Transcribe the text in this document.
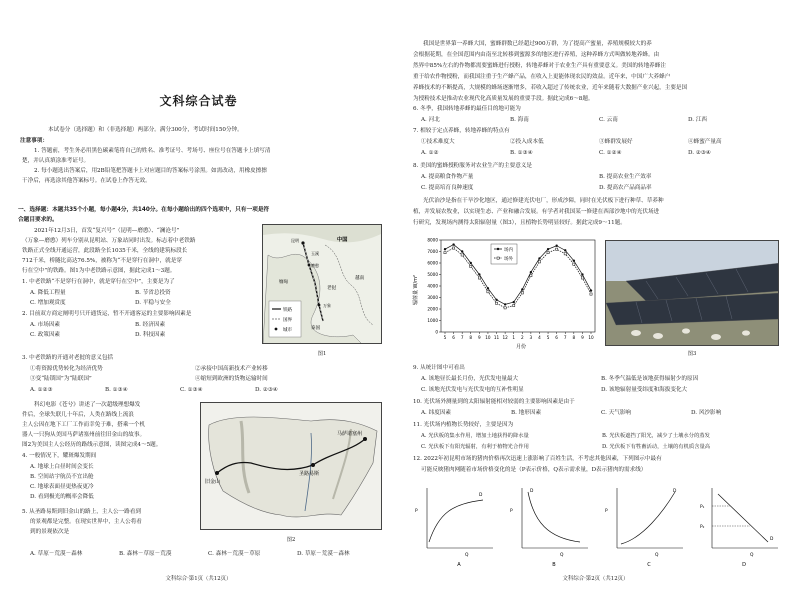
文科综合试卷
本试卷分（选择题）和（非选择题）两部分。满分300分，考试时间150分钟。
注意事项：
1. 答题前，考生务必用黑色碳素笔将自己的姓名、准考证号、考场号、座位号在答题卡上填写清
楚，并认真填涂准考证号。
2. 每小题选出答案后，用2B铅笔把答题卡上对应题目的答案标号涂黑。如需改动，用橡皮擦擦
干净后，再选涂其他答案标号。在试卷上作答无效。
一、选择题：本题共35个小题，每小题4分，共140分。在每小题给出的四个选项中，只有一项是符
合题目要求的。
2021年12月3日，首发“复兴号”（昆明—磨憨）、“澜沧号”
（万象—磨憨）列车分别从昆明站、万象站同时出发。标志着中老铁路
铁路正式全线开通运营，此段路全长1035千米，全线的建筑标段长
712千米，桥隧比高达76.5%，被称为“不是穿行在洞中，就是穿
行在空中”的铁路。图1为中老铁路示意图，据此完成1～3题。
铁路
国界
城市
中国
昆明
玉溪
磨憨
万象
老挝
越南
泰国
缅甸
图1
1. 中老铁路“不是穿行在洞中，就是穿行在空中”，主要是为了
A. 降低工程量	B. 节省总投资
C. 增加观赏度	D. 平稳与安全
2. 目前双方商定阐明号只开通货运，暂不开通客运的主要影响因素是
A. 市场因素	B. 经济因素
C. 政策因素	D. 科技因素
3. 中老铁路的开通对老挝的意义包括
①将资源优势转化为经济优势	②承接中国高新技术产业转移
③变“陆锁国”为“陆联国”	④缩短到欧洲的货物运输时间
A. ①②③	B. ①③④	C. ①③④	D. ②③④
科幻电影《苍兮》讲述了一次超级理想爆发
件后，全球失联几十年后，人类在路线上流浪
主人公因在地下工厂工作而幸免于难，搭乘一个机
器人一只狗从美国马萨诸塞州前往旧金山的故事。
图2为美国主人公经历的路线示意图，读图完成4～5题。
旧金山
圣路易斯
马萨诸塞州
图2
4. 一般情况下，耀斑爆发期间
A. 地球上白昼时间会变长
B. 空间站宇航员不宜出舱
C. 地球表面昼更热夜更冷
D. 看到极光的概率会降低
5. 从圣路易斯到旧金山的路上，主人公一路看到
的景观都是完整。在现实世界中，主人公将看
到的景观依次是
A. 草原－荒漠－森林	B. 森林－草原－荒漠	C. 森林－荒漠－草原	D. 草原－荒漠－森林
文科综合·第1页（共12页）
我国是世界第一养蜂大国，蜜蜂群数已经超过900万群，为了提高产蜜量，养殖规模较大的养
会根据花期，在全国范围内由南至北转移到蜜源多的地区进行养殖，这种养蜂方式叫做转地养蜂。由
然界中85%左右的作物都需要蜜蜂进行授粉，转地养蜂对于农业生产具有重要意义。美国的转地养蜂注
重于给农作物授粉，而我国注重于生产蜂产品，在收入上更能体现农民的效益。近年来，中国广大养蜂户
养蜂技术的不断提高，大规模的蜂场逐渐增多，若收入超过了传统农业，近年来随着大数据产业兴起，主要是国
为授粉技术是推动农业现代化高质量发展的重要手段。据此完成6～8题。
6. 冬季，我国转地养蜂的最佳目的地可能为
A. 河北	B. 海南	C. 云南	D. 江西
7. 相较于定点养蜂，转地养蜂的特点有
①技术难度大	②投入成本低	③蜂群发展好	④蜂蜜产量高
A. ①②	B. ①③④	C. ①②④	D. ②③④
8. 美国的蜜蜂授粉服务对农业生产的主要意义是
A. 提高粮食作物产量	B. 提高农业生产效率
C. 提高培育良种速度	D. 提高农产品商品率
光伏治沙是指在干旱沙化地区，通过修建光伏电厂，形成沙障，同时在光伏板下进行种草、草养种
植，并发展农牧业，以实现生态、产业和融合发展。有学者对我国某一修建在西部沙地中的光伏场进
行研究，发现场内测得太阳辐射量（图3），且植物长势明显较好。据此完成9～11题。
辐射量 W/m²
月份
0
1000
2000
3000
4000
5000
6000
7000
8000
5 6 7 8 9 10 11 12 1 2 3 4 5 6 7 8 9 10
场内
场外
图3
9. 从统计图中可看出
A. 该地昼长最长月份，光伏发电量最大	B. 冬季气温低是该地获得辐射少的原因
C. 该地光伏发电与光伏发电的互补性明显	D. 该地辐射量受纬度和海拔变化大
10. 光伏场外测量到的太阳辐射能相对较弱的主要影响因素是由于
A. 纬度因素	B. 地形因素	C. 天气影响	D. 风沙影响
11. 光伏场内植物长势较好，主要是因为
A. 光伏板的集水作用，增加土地获得的降水量	B. 光伏板遮挡了阳光，减少了土壤水分的蒸发
C. 光伏板下有阳光辐射，有利于植物光合作用	D. 光伏板下有牲畜活动，土壤的有机质含量高
12. 2022年初昆明市场的猪肉价格再次迅速上涨影响了百姓生活，不考虑其他因素，下列图示中最有
可能反映猪肉网随着市场价格变化的是（P表示价格，Q表示需求量，D表示猪肉的需求线）
P
Q
D
A
P
Q
D
B
P
Q
D
C
P₁
P₂
Q
D
D
文科综合·第2页（共12页）
